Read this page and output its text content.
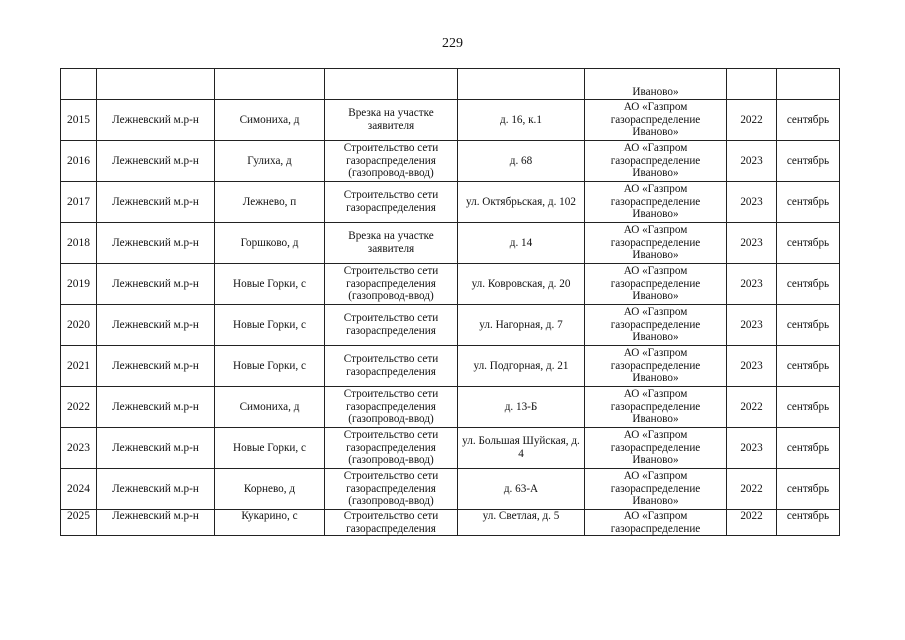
229
					Иваново»		
2015	Лежневский м.р-н	Симониха, д	Врезка на участке заявителя	д. 16, к.1	АО «Газпром газораспределение Иваново»	2022	сентябрь
2016	Лежневский м.р-н	Гулиха, д	Строительство сети газораспределения (газопровод-ввод)	д. 68	АО «Газпром газораспределение Иваново»	2023	сентябрь
2017	Лежневский м.р-н	Лежнево, п	Строительство сети газораспределения	ул. Октябрьская, д. 102	АО «Газпром газораспределение Иваново»	2023	сентябрь
2018	Лежневский м.р-н	Горшково, д	Врезка на участке заявителя	д. 14	АО «Газпром газораспределение Иваново»	2023	сентябрь
2019	Лежневский м.р-н	Новые Горки, с	Строительство сети газораспределения (газопровод-ввод)	ул. Ковровская, д. 20	АО «Газпром газораспределение Иваново»	2023	сентябрь
2020	Лежневский м.р-н	Новые Горки, с	Строительство сети газораспределения	ул. Нагорная, д. 7	АО «Газпром газораспределение Иваново»	2023	сентябрь
2021	Лежневский м.р-н	Новые Горки, с	Строительство сети газораспределения	ул. Подгорная, д. 21	АО «Газпром газораспределение Иваново»	2023	сентябрь
2022	Лежневский м.р-н	Симониха, д	Строительство сети газораспределения (газопровод-ввод)	д. 13-Б	АО «Газпром газораспределение Иваново»	2022	сентябрь
2023	Лежневский м.р-н	Новые Горки, с	Строительство сети газораспределения (газопровод-ввод)	ул. Большая Шуйская, д. 4	АО «Газпром газораспределение Иваново»	2023	сентябрь
2024	Лежневский м.р-н	Корнево, д	Строительство сети газораспределения (газопровод-ввод)	д. 63-А	АО «Газпром газораспределение Иваново»	2022	сентябрь
2025	Лежневский м.р-н	Кукарино, с	Строительство сети газораспределения	ул. Светлая, д. 5	АО «Газпром газораспределение	2022	сентябрь
